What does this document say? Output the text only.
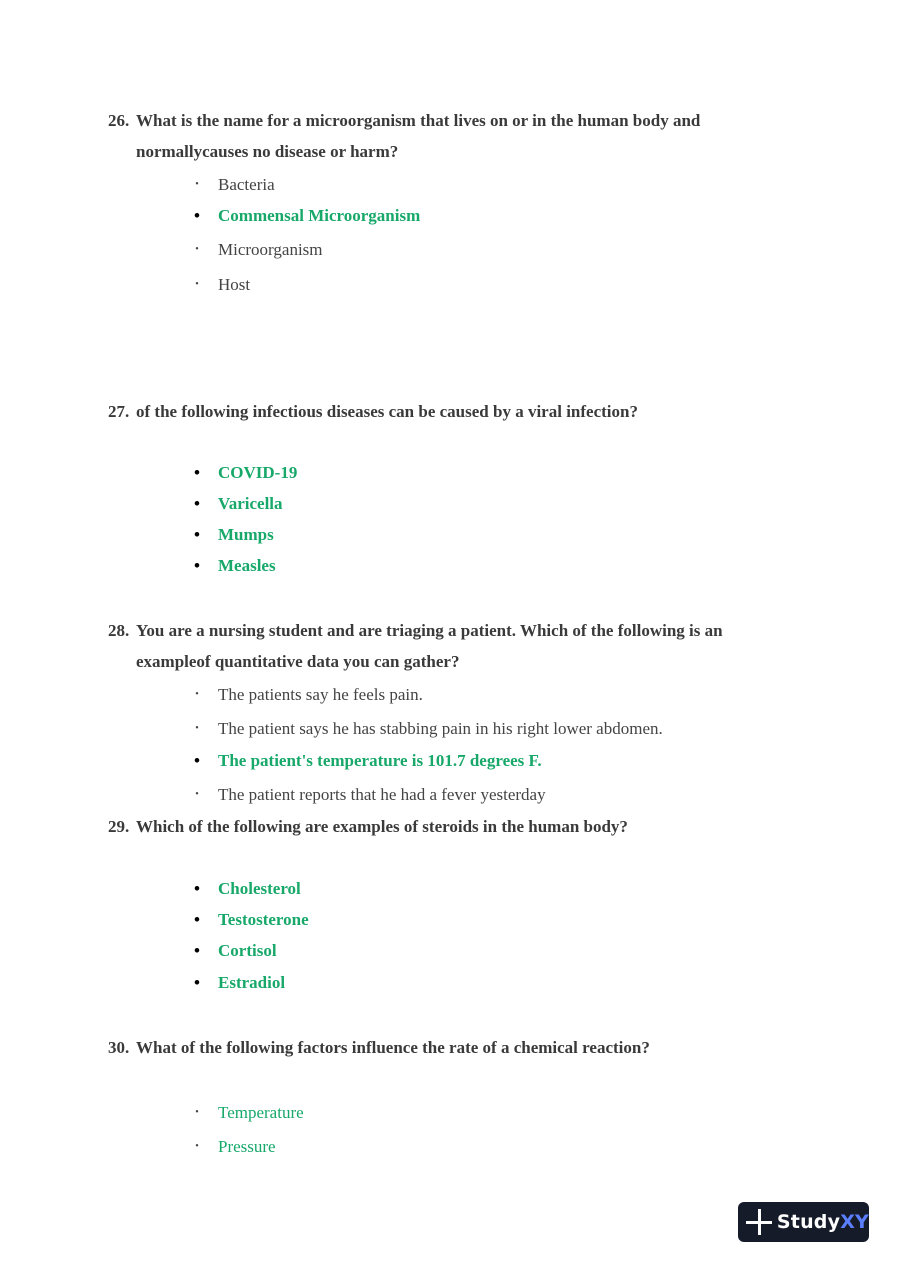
26. What is the name for a microorganism that lives on or in the human body and
normallycauses no disease or harm?
• Bacteria
• Commensal Microorganism
• Microorganism
• Host
27. of the following infectious diseases can be caused by a viral infection?
• COVID-19
• Varicella
• Mumps
• Measles
28. You are a nursing student and are triaging a patient. Which of the following is an
exampleof quantitative data you can gather?
• The patients say he feels pain.
• The patient says he has stabbing pain in his right lower abdomen.
• The patient's temperature is 101.7 degrees F.
• The patient reports that he had a fever yesterday
29. Which of the following are examples of steroids in the human body?
• Cholesterol
• Testosterone
• Cortisol
• Estradiol
30. What of the following factors influence the rate of a chemical reaction?
• Temperature
• Pressure
StudyXY
